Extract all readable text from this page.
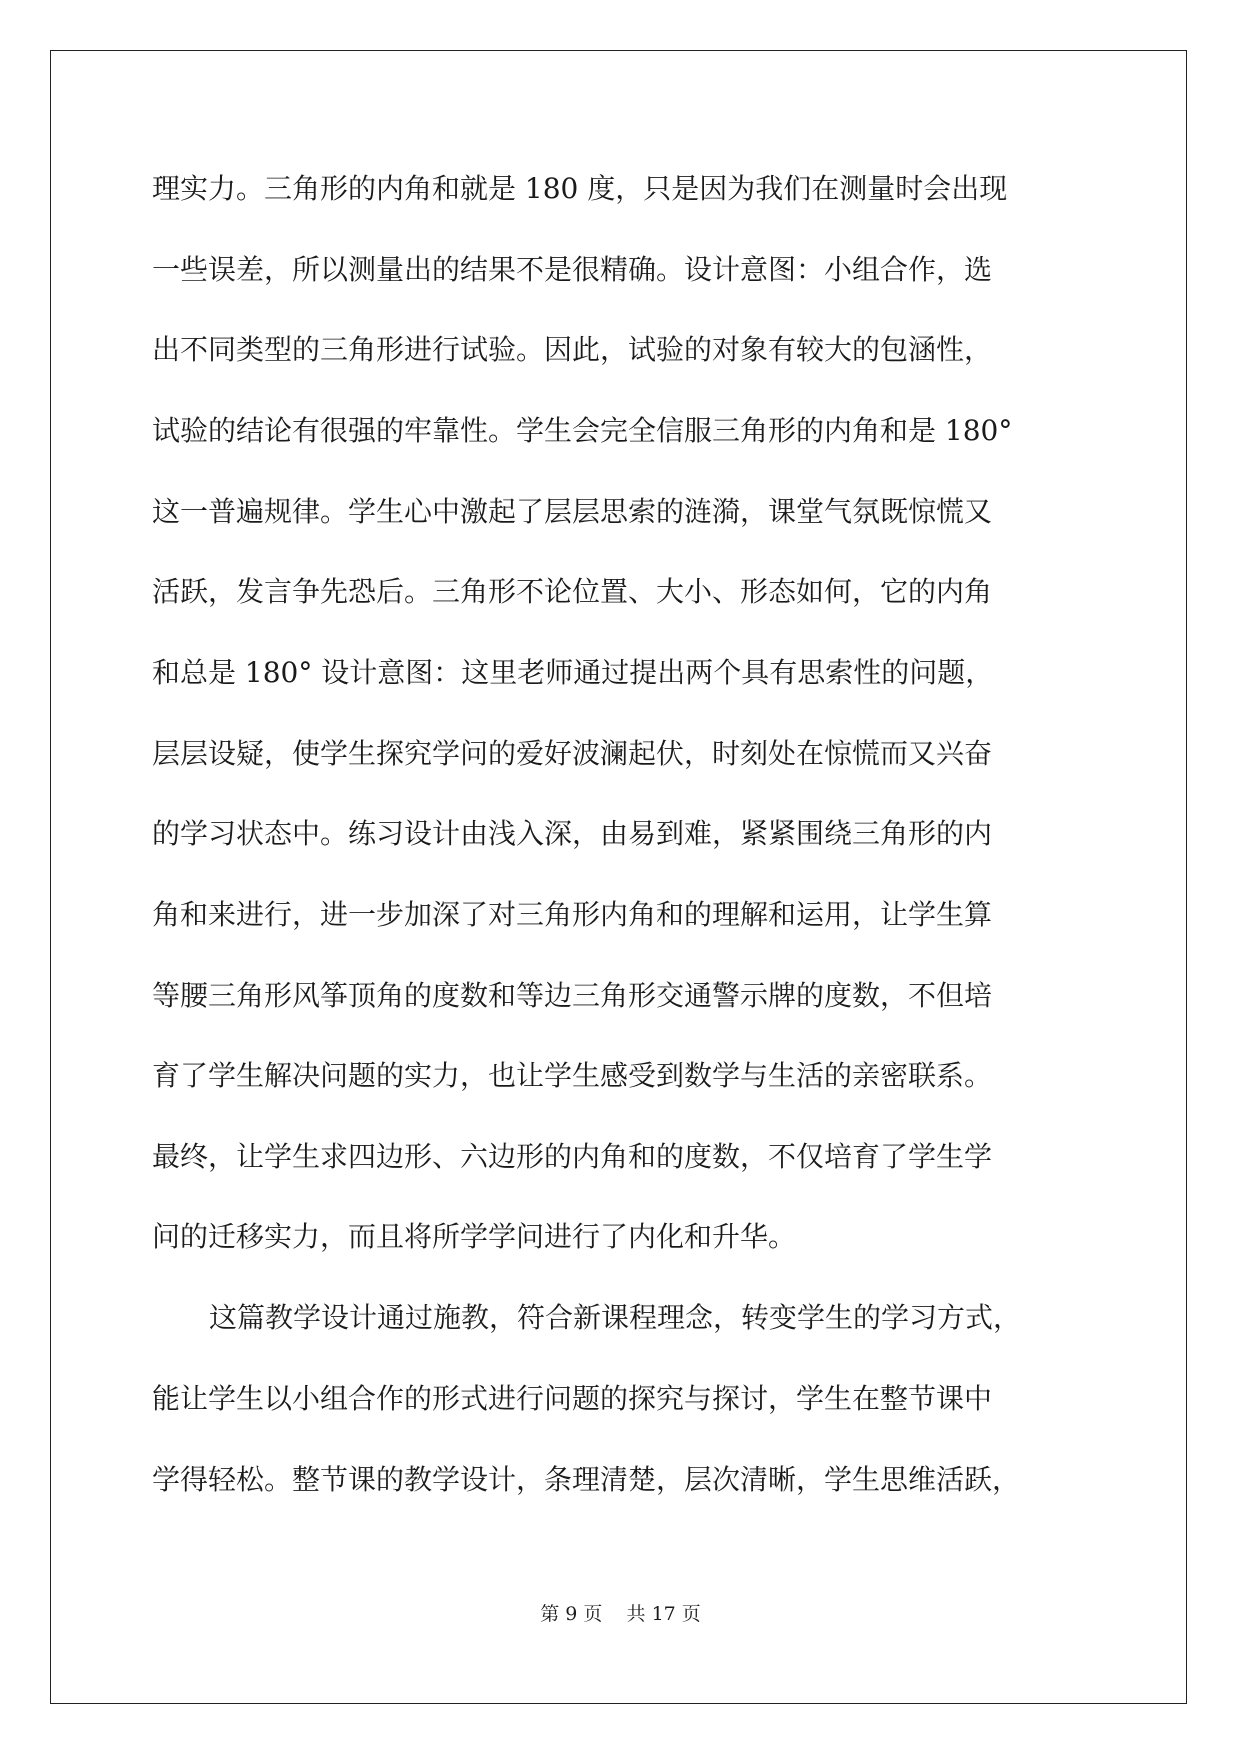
理实力。三角形的内角和就是 180 度，只是因为我们在测量时会出现
一些误差，所以测量出的结果不是很精确。设计意图：小组合作，选
出不同类型的三角形进行试验。因此，试验的对象有较大的包涵性，
试验的结论有很强的牢靠性。学生会完全信服三角形的内角和是 180°
这一普遍规律。学生心中激起了层层思索的涟漪，课堂气氛既惊慌又
活跃，发言争先恐后。三角形不论位置、大小、形态如何，它的内角
和总是 180° 设计意图：这里老师通过提出两个具有思索性的问题，
层层设疑，使学生探究学问的爱好波澜起伏，时刻处在惊慌而又兴奋
的学习状态中。练习设计由浅入深，由易到难，紧紧围绕三角形的内
角和来进行，进一步加深了对三角形内角和的理解和运用，让学生算
等腰三角形风筝顶角的度数和等边三角形交通警示牌的度数，不但培
育了学生解决问题的实力，也让学生感受到数学与生活的亲密联系。
最终，让学生求四边形、六边形的内角和的度数，不仅培育了学生学
问的迁移实力，而且将所学学问进行了内化和升华。
这篇教学设计通过施教，符合新课程理念，转变学生的学习方式，
能让学生以小组合作的形式进行问题的探究与探讨，学生在整节课中
学得轻松。整节课的教学设计，条理清楚，层次清晰，学生思维活跃，
第 9 页    共 17 页
